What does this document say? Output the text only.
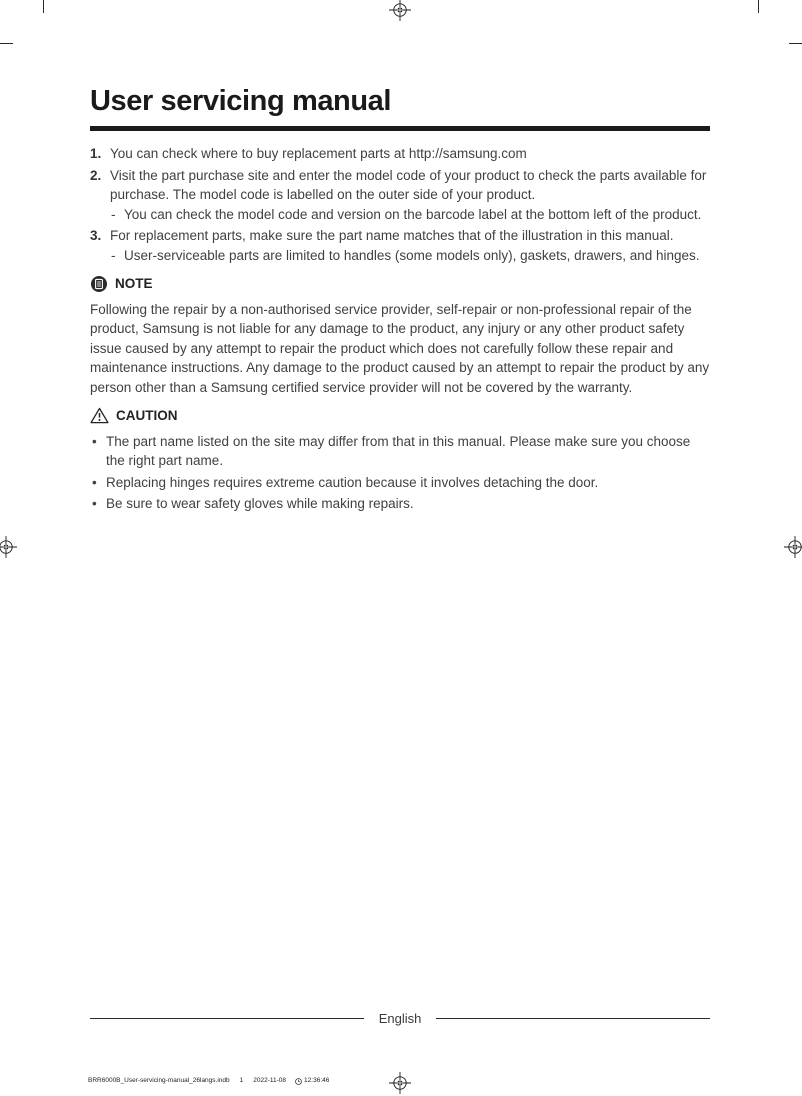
User servicing manual
1. You can check where to buy replacement parts at http://samsung.com

2. Visit the part purchase site and enter the model code of your product to check the parts available for purchase. The model code is labelled on the outer side of your product.

- You can check the model code and version on the barcode label at the bottom left of the product.
3. For replacement parts, make sure the part name matches that of the illustration in this manual.

- User-serviceable parts are limited to handles (some models only), gaskets, drawers, and hinges.
NOTE

Following the repair by a non-authorised service provider, self-repair or non-professional repair of the product, Samsung is not liable for any damage to the product, any injury or any other product safety issue caused by any attempt to repair the product which does not carefully follow these repair and maintenance instructions. Any damage to the product caused by an attempt to repair the product by any person other than a Samsung certified service provider will not be covered by the warranty.

CAUTION
• The part name listed on the site may differ from that in this manual. Please make sure you choose the right part name.
• Replacing hinges requires extreme caution because it involves detaching the door.
• Be sure to wear safety gloves while making repairs.
English
BRR6000B_User-servicing-manual_26langs.indb 1 2022-11-08	12:36:46
